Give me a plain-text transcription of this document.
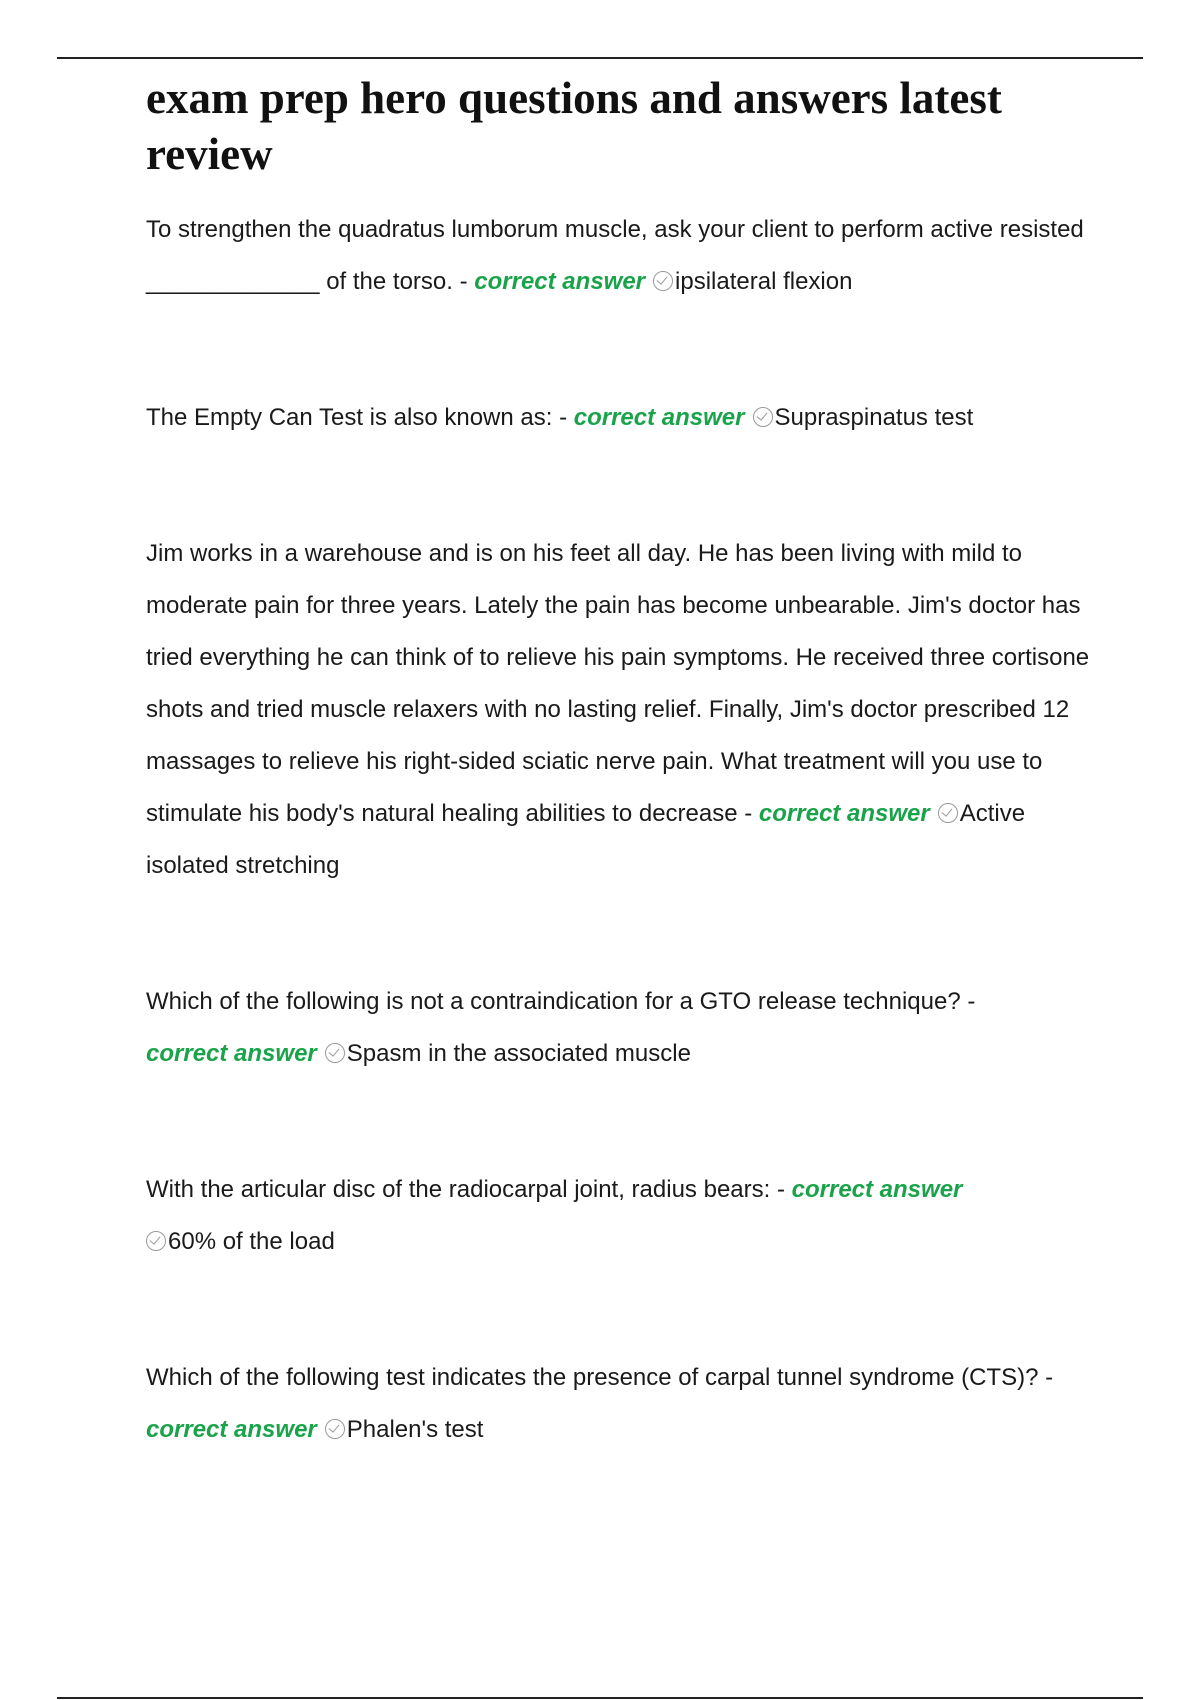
exam prep hero questions and answers latest review

To strengthen the quadratus lumborum muscle, ask your client to perform active resisted _____________ of the torso. - correct answer ipsilateral flexion

The Empty Can Test is also known as: - correct answer Supraspinatus test

Jim works in a warehouse and is on his feet all day. He has been living with mild to moderate pain for three years. Lately the pain has become unbearable. Jim's doctor has tried everything he can think of to relieve his pain symptoms. He received three cortisone shots and tried muscle relaxers with no lasting relief. Finally, Jim's doctor prescribed 12 massages to relieve his right-sided sciatic nerve pain. What treatment will you use to stimulate his body's natural healing abilities to decrease - correct answer Active isolated stretching

Which of the following is not a contraindication for a GTO release technique? -
correct answer Spasm in the associated muscle

With the articular disc of the radiocarpal joint, radius bears: - correct answer
60% of the load

Which of the following test indicates the presence of carpal tunnel syndrome (CTS)? - correct answer Phalen's test
